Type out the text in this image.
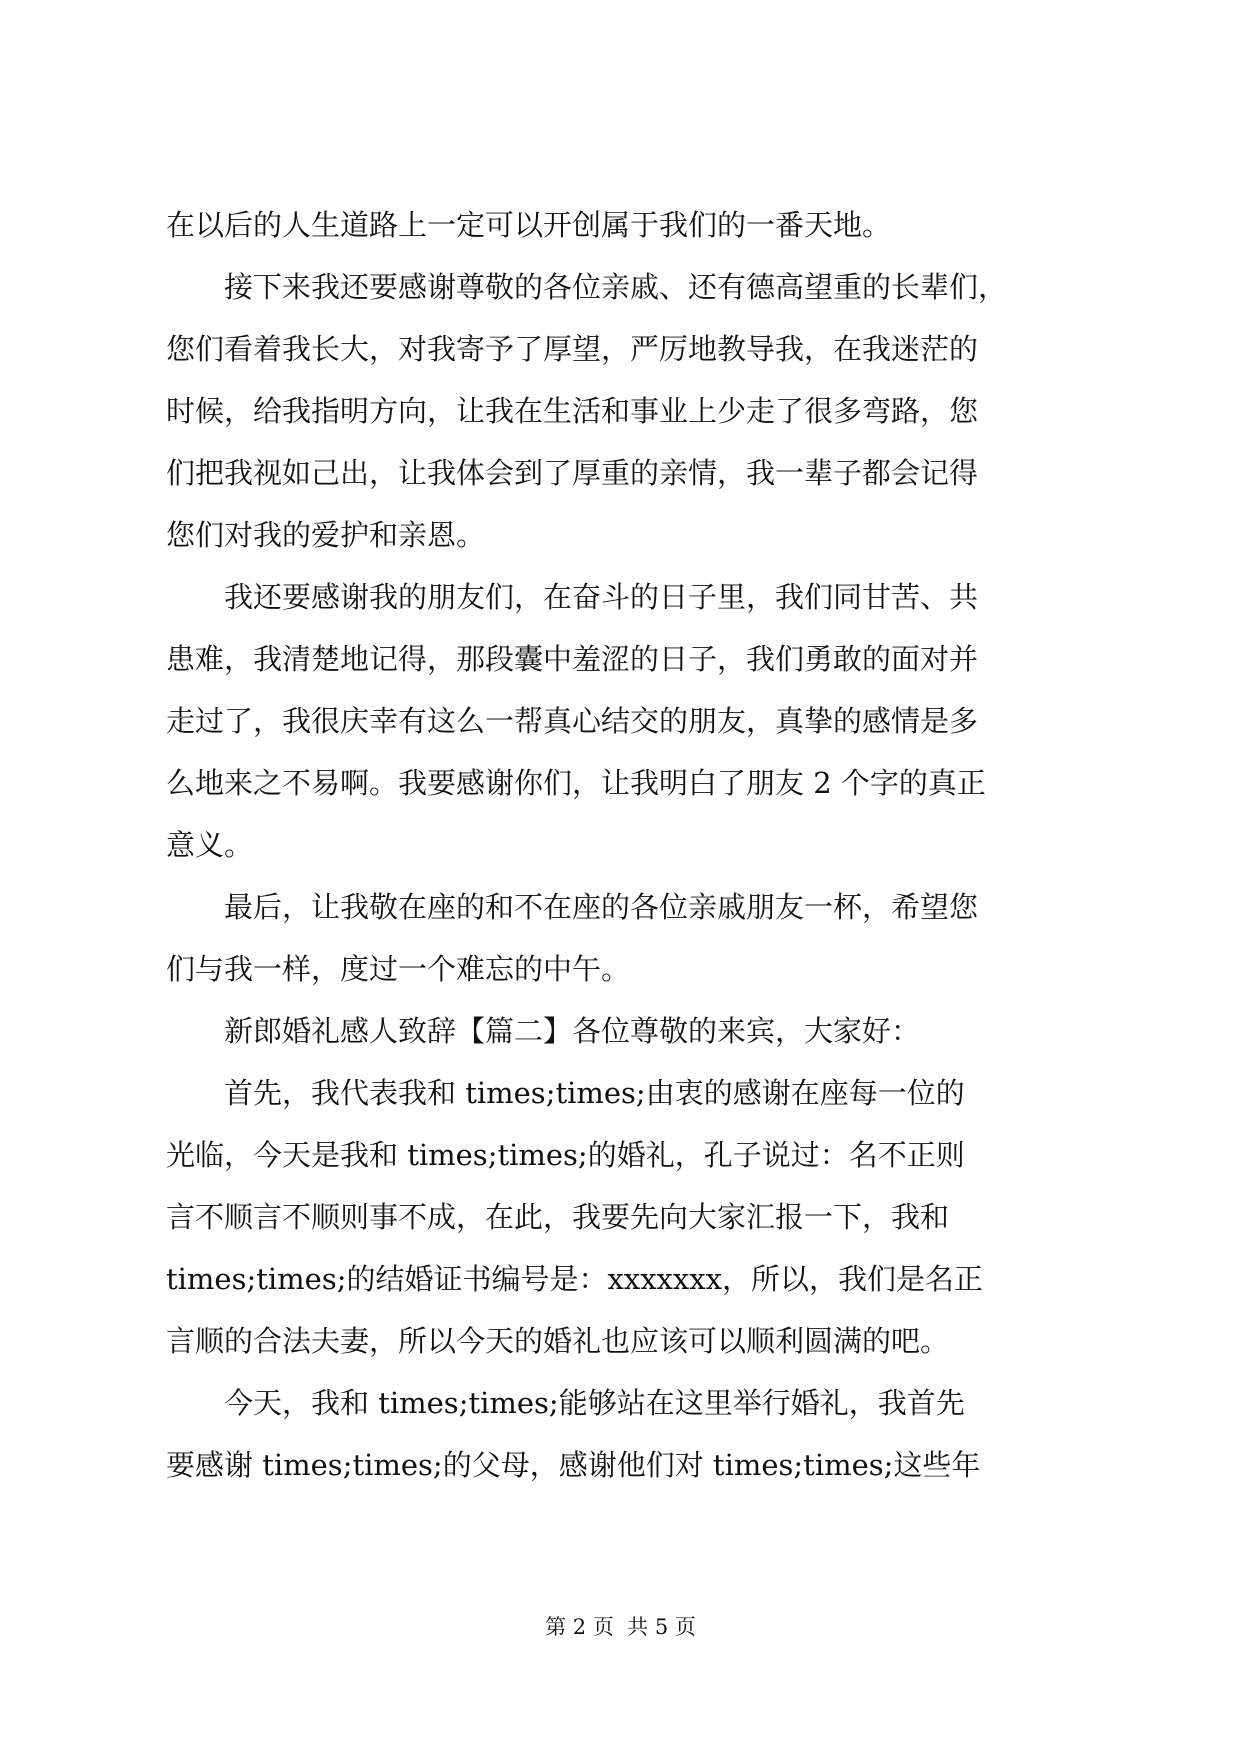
在以后的人生道路上一定可以开创属于我们的一番天地。
　　接下来我还要感谢尊敬的各位亲戚、还有德高望重的长辈们，
您们看着我长大，对我寄予了厚望，严厉地教导我，在我迷茫的
时候，给我指明方向，让我在生活和事业上少走了很多弯路，您
们把我视如己出，让我体会到了厚重的亲情，我一辈子都会记得
您们对我的爱护和亲恩。
　　我还要感谢我的朋友们，在奋斗的日子里，我们同甘苦、共
患难，我清楚地记得，那段囊中羞涩的日子，我们勇敢的面对并
走过了，我很庆幸有这么一帮真心结交的朋友，真挚的感情是多
么地来之不易啊。我要感谢你们，让我明白了朋友 2 个字的真正
意义。
　　最后，让我敬在座的和不在座的各位亲戚朋友一杯，希望您
们与我一样，度过一个难忘的中午。
　　新郎婚礼感人致辞【篇二】各位尊敬的来宾，大家好：
　　首先，我代表我和 times;times;由衷的感谢在座每一位的
光临，今天是我和 times;times;的婚礼，孔子说过：名不正则
言不顺言不顺则事不成，在此，我要先向大家汇报一下，我和
times;times;的结婚证书编号是：xxxxxxx，所以，我们是名正
言顺的合法夫妻，所以今天的婚礼也应该可以顺利圆满的吧。
　　今天，我和 times;times;能够站在这里举行婚礼，我首先
要感谢 times;times;的父母，感谢他们对 times;times;这些年
第 2 页  共 5 页
